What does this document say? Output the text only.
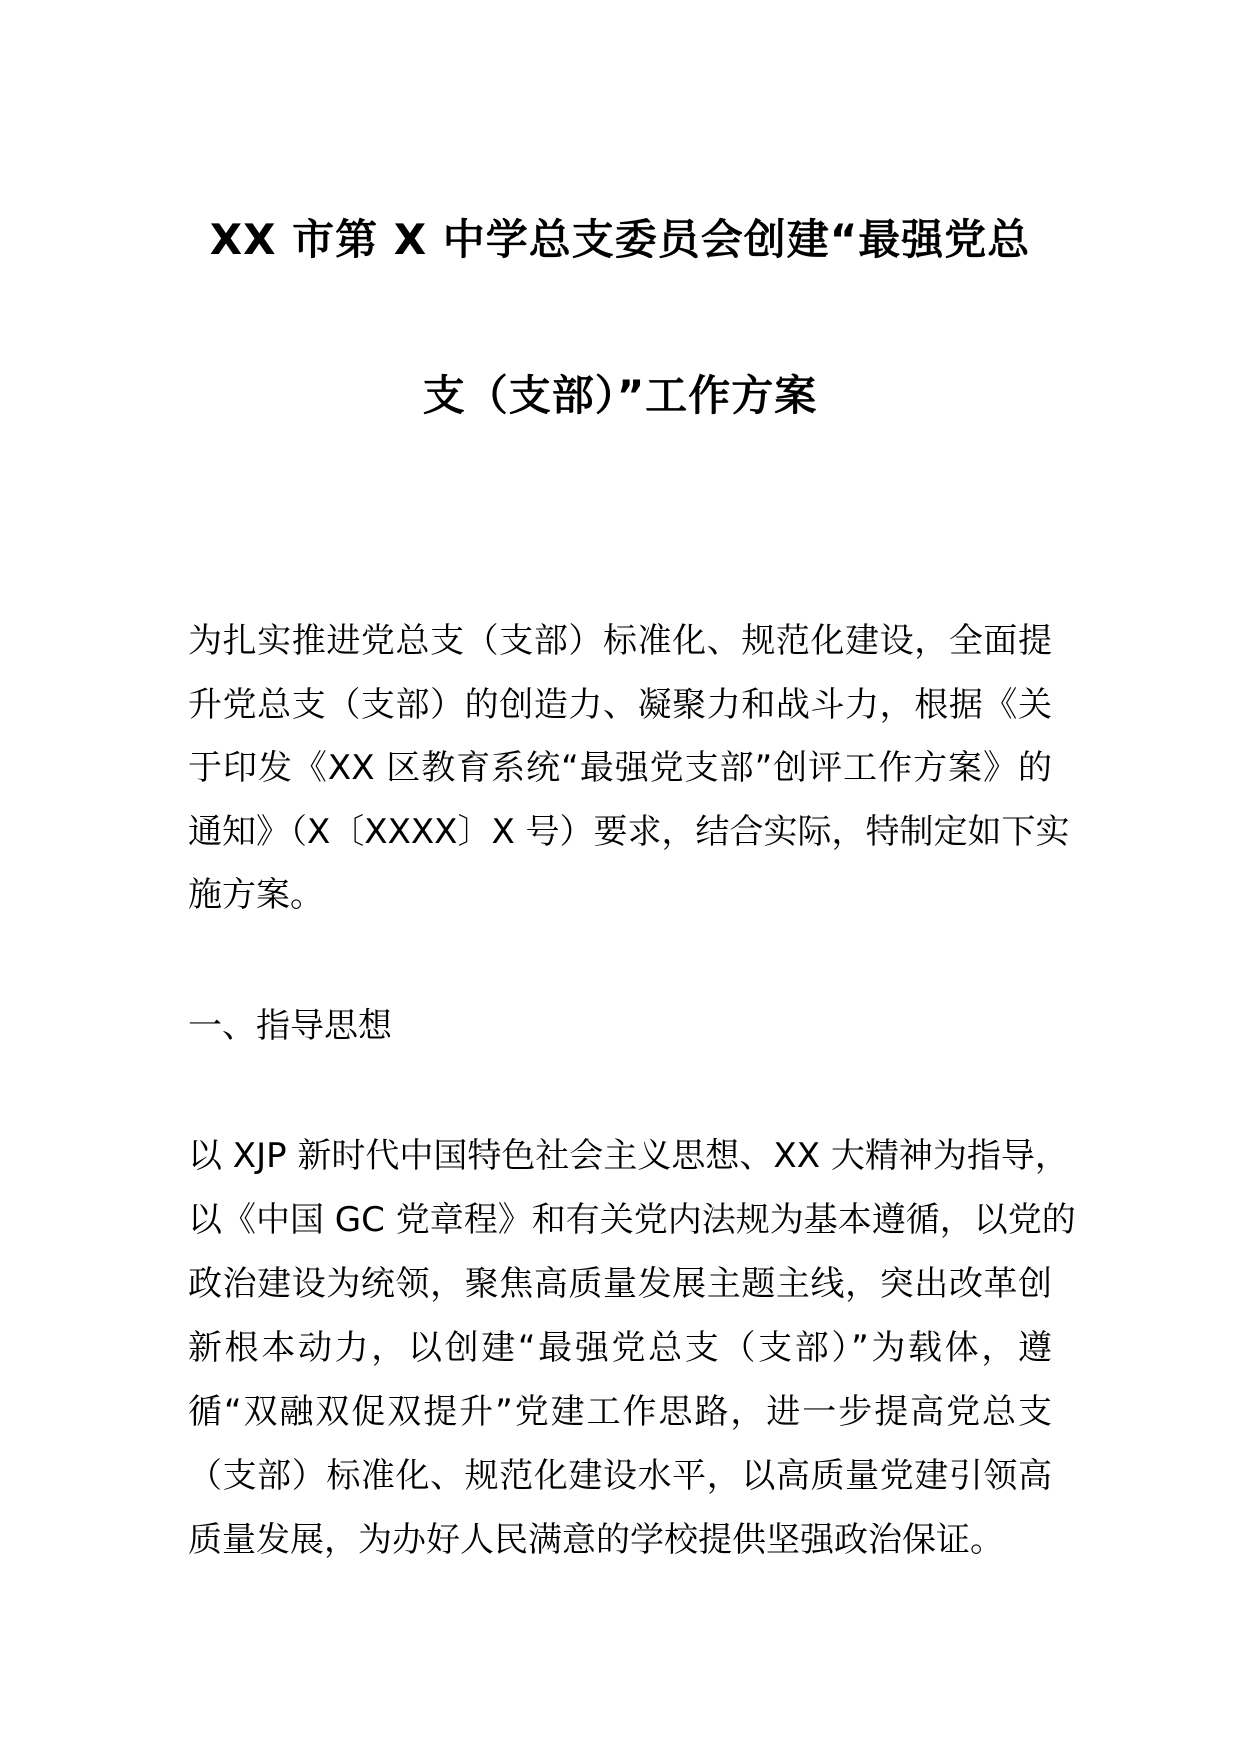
XX 市第 X 中学总支委员会创建“最强党总
支（支部）”工作方案
为扎实推进党总支（支部）标准化、规范化建设，全面提
升党总支（支部）的创造力、凝聚力和战斗力，根据《关
于印发《XX 区教育系统“最强党支部”创评工作方案》的
通知》（X〔XXXX〕X 号）要求，结合实际，特制定如下实
施方案。
一、指导思想
以 XJP 新时代中国特色社会主义思想、XX 大精神为指导，
以《中国 GC 党章程》和有关党内法规为基本遵循，以党的
政治建设为统领，聚焦高质量发展主题主线，突出改革创
新根本动力，以创建“最强党总支（支部）”为载体，遵
循“双融双促双提升”党建工作思路，进一步提高党总支
（支部）标准化、规范化建设水平，以高质量党建引领高
质量发展，为办好人民满意的学校提供坚强政治保证。
